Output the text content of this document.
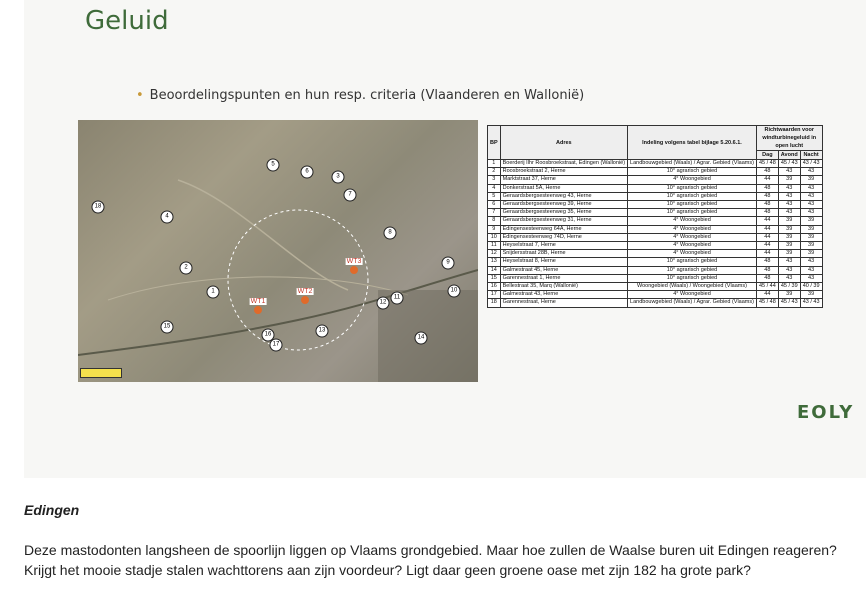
Geluid
• Beoordelingspunten en hun resp. criteria (Vlaanderen en Wallonië)
1
2
3
4
5
6
7
8
9
10
11
12
13
14
15
16
17
18
WT1
WT2
WT3
BP	Adres	Indeling volgens tabel bijlage 5.20.6.1.	Richtwaarden voor windturbinegeluid in open lucht		
			Dag	Avond	Nacht
1	Boerderij Ilhr Roosbroekstraat, Edingen (Wallonië)	Landbouwgebied (Waals) / Agrar. Gebied (Vlaams)	45 / 48	45 / 43	43 / 43
2	Roosbroekstraat 2, Herne	10° agrarisch gebied	48	43	43
3	Marktstraat 37, Herne	4° Woongebied	44	39	39
4	Donkerstraat 5A, Herne	10° agrarisch gebied	48	43	43
5	Geraardsbergsesteenweg 43, Herne	10° agrarisch gebied	48	43	43
6	Geraardsbergsesteenweg 39, Herne	10° agrarisch gebied	48	43	43
7	Geraardsbergsesteenweg 35, Herne	10° agrarisch gebied	48	43	43
8	Geraardsbergsesteenweg 31, Herne	4° Woongebied	44	39	39
9	Edingensesteenweg 64A, Herne	4° Woongebied	44	39	39
10	Edingensesteenweg 74D, Herne	4° Woongebied	44	39	39
11	Heyselstraat 7, Herne	4° Woongebied	44	39	39
12	Snijdersstraat 28B, Herne	4° Woongebied	44	39	39
13	Heyselstraat 8, Herne	10° agrarisch gebied	48	43	43
14	Galmestraat 45, Herne	10° agrarisch gebied	48	43	43
15	Garennestraat 1, Herne	10° agrarisch gebied	48	43	43
16	Bellestraat 35, Marq (Wallonië)	Woongebied (Waals) / Woongebied (Vlaams)	45 / 44	45 / 39	40 / 39
17	Galmestraat 43, Herne	4° Woongebied	44	39	39
18	Garennestraat, Herne	Landbouwgebied (Waals) / Agrar. Gebied (Vlaams)	45 / 48	45 / 43	43 / 43
EOLY
Edingen
Deze mastodonten langsheen de spoorlijn liggen op Vlaams grondgebied. Maar hoe zullen de Waalse buren uit Edingen reageren? Krijgt het mooie stadje stalen wachttorens aan zijn voordeur? Ligt daar geen groene oase met zijn 182 ha grote park?
